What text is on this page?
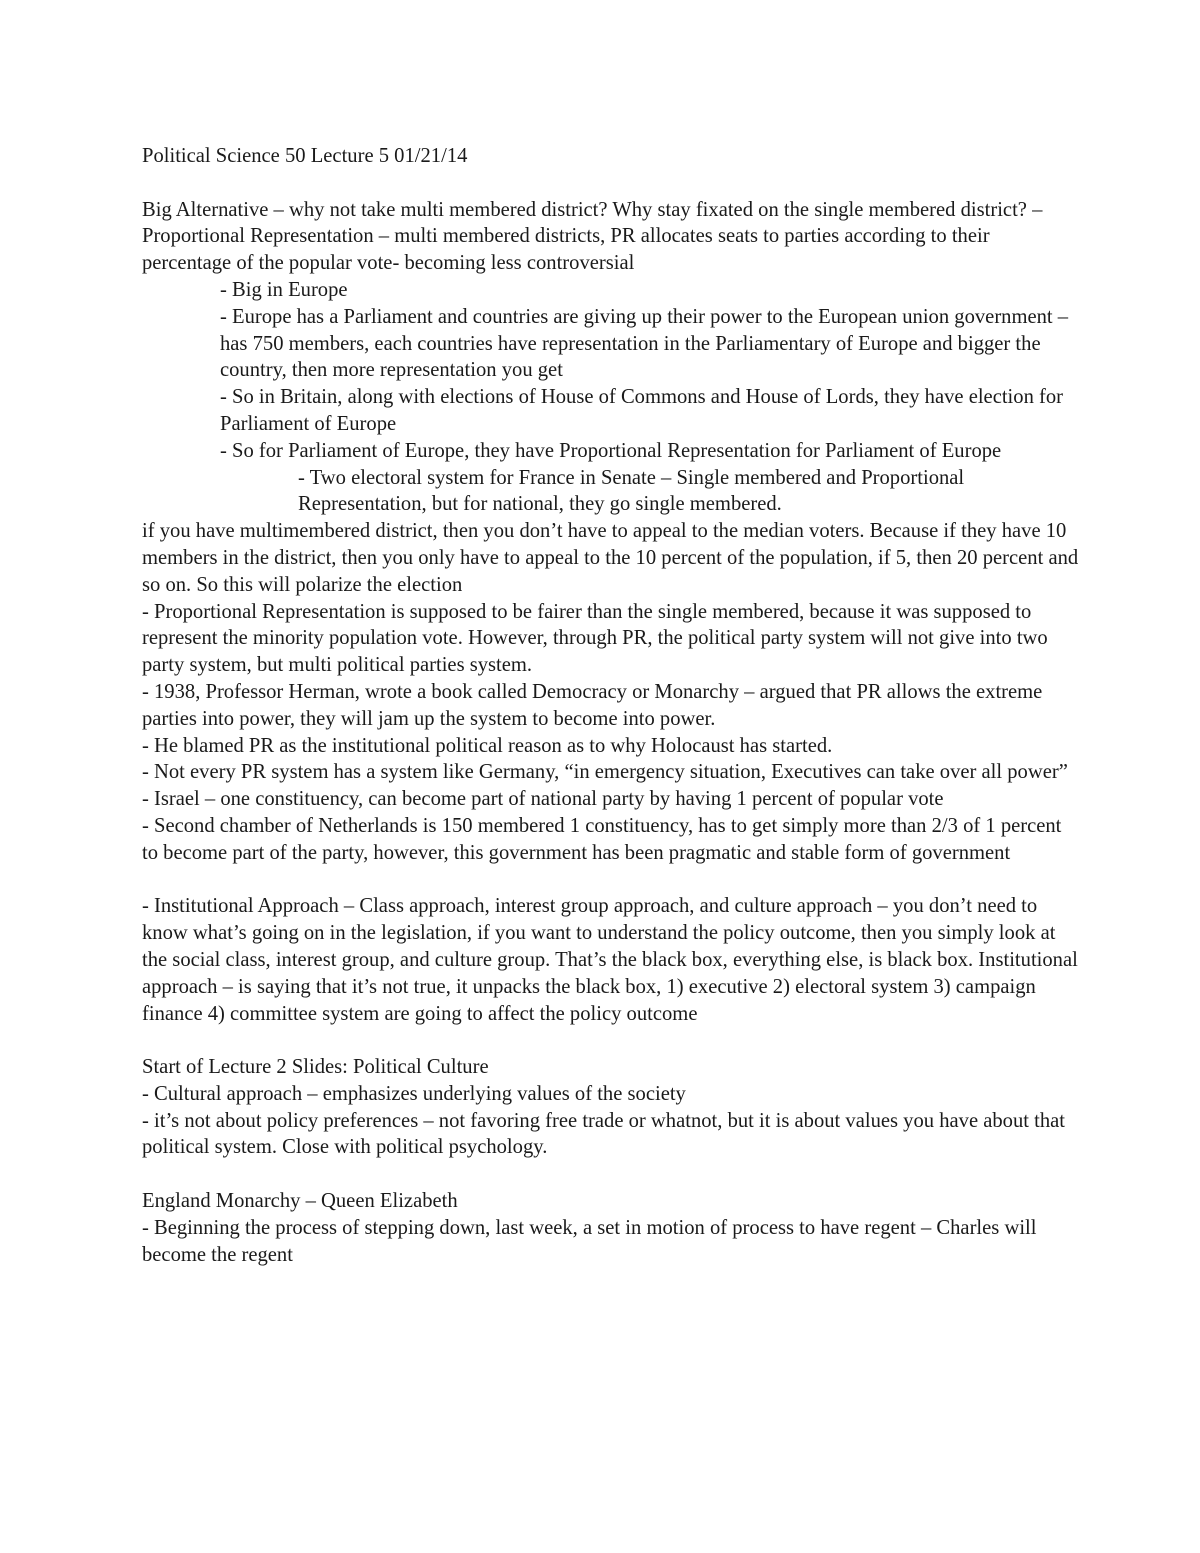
Political Science 50 Lecture 5 01/21/14

Big Alternative – why not take multi membered district? Why stay fixated on the single membered district? – Proportional Representation – multi membered districts, PR allocates seats to parties according to their percentage of the popular vote- becoming less controversial

- Big in Europe

- Europe has a Parliament and countries are giving up their power to the European union government – has 750 members, each countries have representation in the Parliamentary of Europe and bigger the country, then more representation you get

- So in Britain, along with elections of House of Commons and House of Lords, they have election for Parliament of Europe

- So for Parliament of Europe, they have Proportional Representation for Parliament of Europe

- Two electoral system for France in Senate – Single membered and Proportional Representation, but for national, they go single membered.

if you have multimembered district, then you don’t have to appeal to the median voters. Because if they have 10 members in the district, then you only have to appeal to the 10 percent of the population, if 5, then 20 percent and so on. So this will polarize the election

- Proportional Representation is supposed to be fairer than the single membered, because it was supposed to represent the minority population vote. However, through PR, the political party system will not give into two party system, but multi political parties system.

- 1938, Professor Herman, wrote a book called Democracy or Monarchy – argued that PR allows the extreme parties into power, they will jam up the system to become into power.

- He blamed PR as the institutional political reason as to why Holocaust has started.

- Not every PR system has a system like Germany, “in emergency situation, Executives can take over all power”

- Israel – one constituency, can become part of national party by having 1 percent of popular vote

- Second chamber of Netherlands is 150 membered 1 constituency, has to get simply more than 2/3 of 1 percent to become part of the party, however, this government has been pragmatic and stable form of government

- Institutional Approach – Class approach, interest group approach, and culture approach – you don’t need to know what’s going on in the legislation, if you want to understand the policy outcome, then you simply look at the social class, interest group, and culture group. That’s the black box, everything else, is black box. Institutional approach – is saying that it’s not true, it unpacks the black box, 1) executive 2) electoral system 3) campaign finance 4) committee system are going to affect the policy outcome

Start of Lecture 2 Slides: Political Culture

- Cultural approach – emphasizes underlying values of the society

- it’s not about policy preferences – not favoring free trade or whatnot, but it is about values you have about that political system. Close with political psychology.

England Monarchy – Queen Elizabeth

- Beginning the process of stepping down, last week, a set in motion of process to have regent – Charles will become the regent
